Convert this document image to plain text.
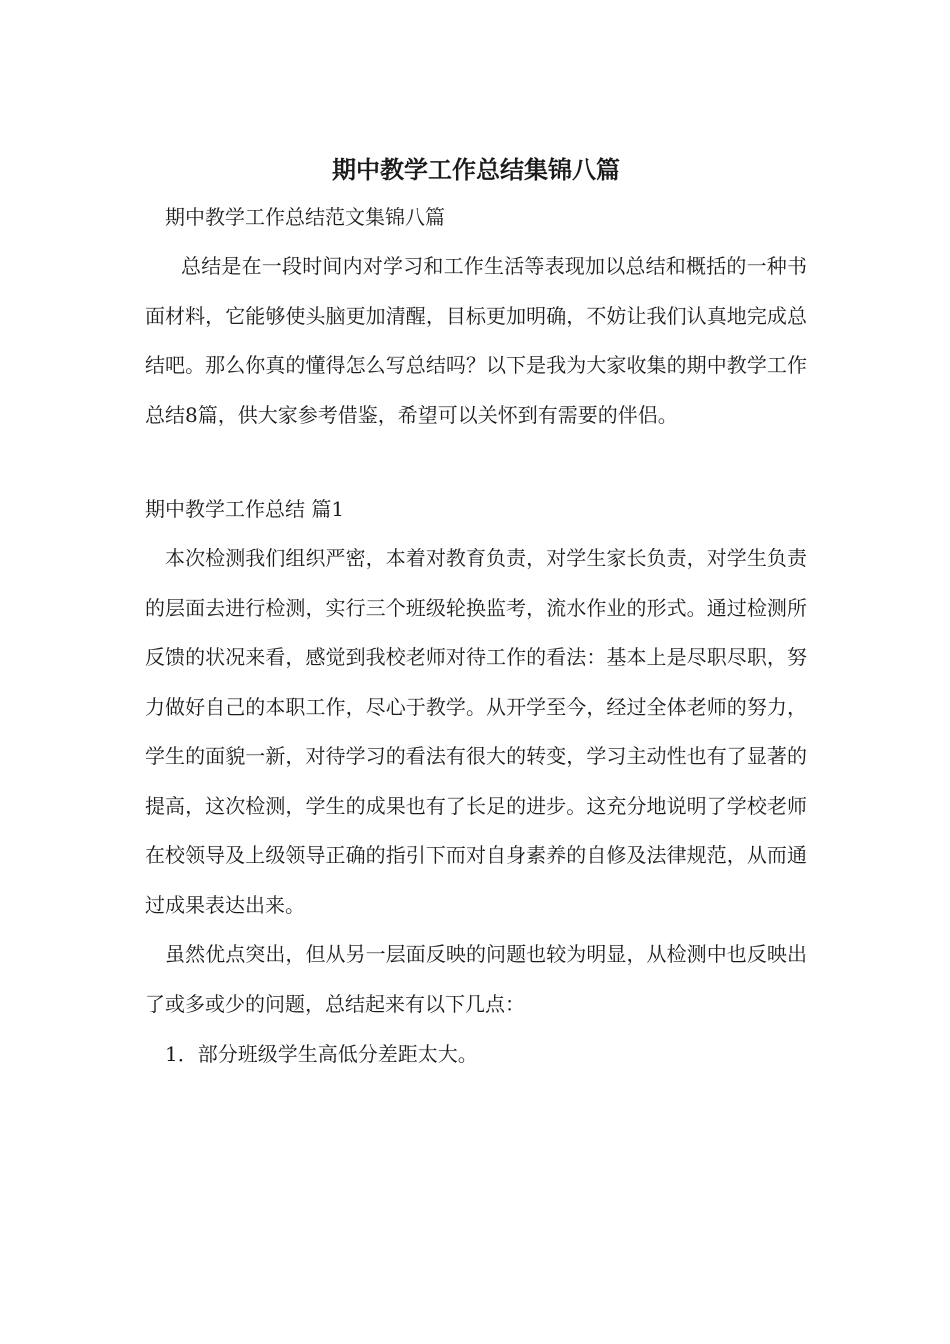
期中教学工作总结集锦八篇
期中教学工作总结范文集锦八篇

总结是在一段时间内对学习和工作生活等表现加以总结和概括的一种书面材料，它能够使头脑更加清醒，目标更加明确，不妨让我们认真地完成总结吧。那么你真的懂得怎么写总结吗？以下是我为大家收集的期中教学工作总结8篇，供大家参考借鉴，希望可以关怀到有需要的伴侣。

期中教学工作总结 篇1

本次检测我们组织严密，本着对教育负责，对学生家长负责，对学生负责的层面去进行检测，实行三个班级轮换监考，流水作业的形式。通过检测所反馈的状况来看，感觉到我校老师对待工作的看法：基本上是尽职尽职，努力做好自己的本职工作，尽心于教学。从开学至今，经过全体老师的努力，学生的面貌一新，对待学习的看法有很大的转变，学习主动性也有了显著的提高，这次检测，学生的成果也有了长足的进步。这充分地说明了学校老师在校领导及上级领导正确的指引下而对自身素养的自修及法律规范，从而通过成果表达出来。

虽然优点突出，但从另一层面反映的问题也较为明显，从检测中也反映出了或多或少的问题，总结起来有以下几点：

1．部分班级学生高低分差距太大。
